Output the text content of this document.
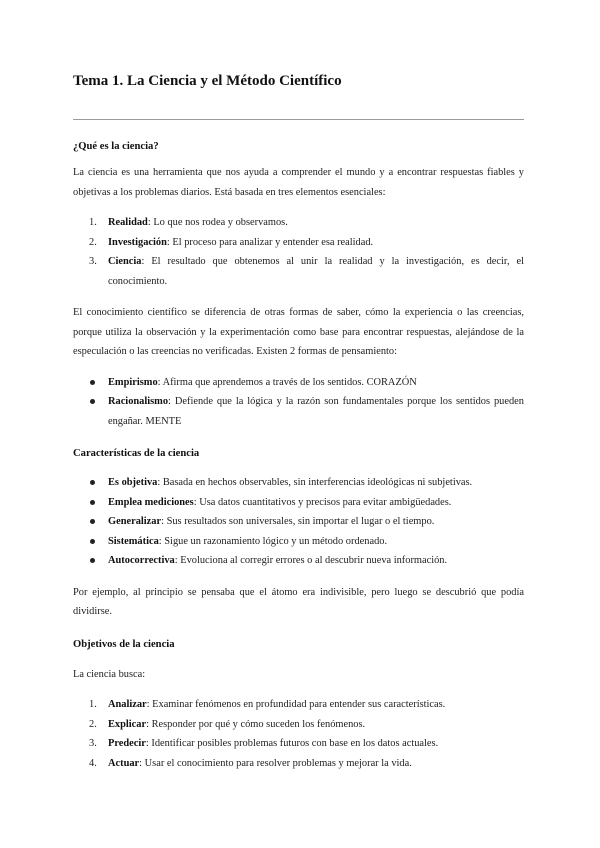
Tema 1. La Ciencia y el Método Científico
¿Qué es la ciencia?

La ciencia es una herramienta que nos ayuda a comprender el mundo y a encontrar respuestas fiables y objetivas a los problemas diarios. Está basada en tres elementos esenciales:

1. Realidad: Lo que nos rodea y observamos.
2. Investigación: El proceso para analizar y entender esa realidad.
3. Ciencia: El resultado que obtenemos al unir la realidad y la investigación, es decir, el conocimiento.

El conocimiento científico se diferencia de otras formas de saber, cómo la experiencia o las creencias, porque utiliza la observación y la experimentación como base para encontrar respuestas, alejándose de la especulación o las creencias no verificadas. Existen 2 formas de pensamiento:

Empirismo: Afirma que aprendemos a través de los sentidos. CORAZÓN
Racionalismo: Defiende que la lógica y la razón son fundamentales porque los sentidos pueden engañar. MENTE
Características de la ciencia
Es objetiva: Basada en hechos observables, sin interferencias ideológicas ni subjetivas.
Emplea mediciones: Usa datos cuantitativos y precisos para evitar ambigüedades.
Generalizar: Sus resultados son universales, sin importar el lugar o el tiempo.
Sistemática: Sigue un razonamiento lógico y un método ordenado.
Autocorrectiva: Evoluciona al corregir errores o al descubrir nueva información.

Por ejemplo, al principio se pensaba que el átomo era indivisible, pero luego se descubrió que podía dividirse.

Objetivos de la ciencia

La ciencia busca:

1. Analizar: Examinar fenómenos en profundidad para entender sus características.
2. Explicar: Responder por qué y cómo suceden los fenómenos.
3. Predecir: Identificar posibles problemas futuros con base en los datos actuales.
4. Actuar: Usar el conocimiento para resolver problemas y mejorar la vida.
